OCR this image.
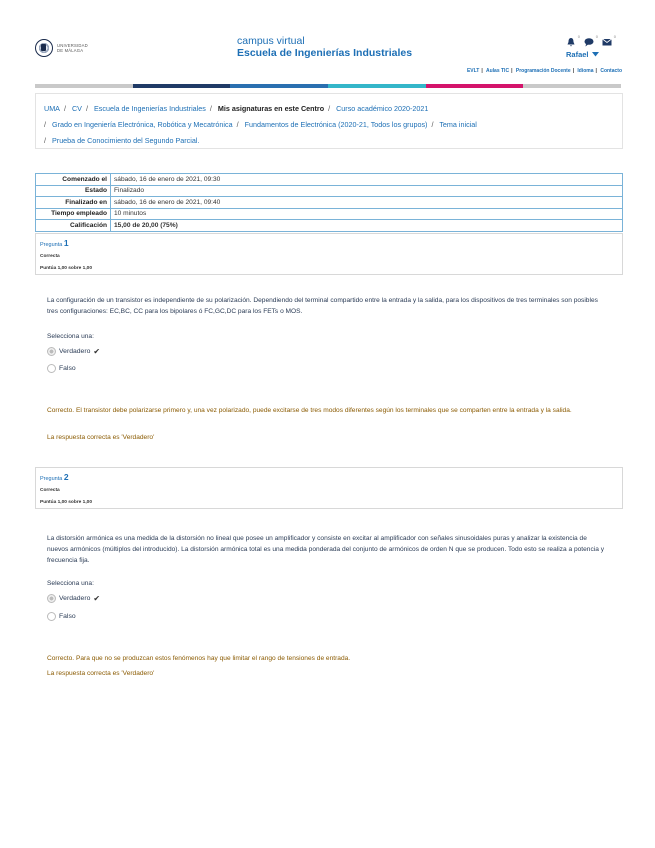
UNIVERSIDAD
DE MÁLAGA
campus virtual
Escuela de Ingenierías Industriales
0	0	0
Rafael
EVLT | Aulas TIC | Programación Docente | Idioma | Contacto
UMA / CV / Escuela de Ingenierías Industriales / Mis asignaturas en este Centro / Curso académico 2020-2021
/ Grado en Ingeniería Electrónica, Robótica y Mecatrónica / Fundamentos de Electrónica (2020-21, Todos los grupos) / Tema inicial
/ Prueba de Conocimiento del Segundo Parcial.
Comenzado el	sábado, 16 de enero de 2021, 09:30
Estado	Finalizado
Finalizado en	sábado, 16 de enero de 2021, 09:40
Tiempo empleado	10 minutos
Calificación	15,00 de 20,00 (75%)
Pregunta 1
Correcta
Puntúa 1,00 sobre 1,00
La configuración de un transistor es independiente de su polarización. Dependiendo del terminal compartido entre la entrada y la salida, para los dispositivos de tres terminales son posibles tres configuraciones: EC,BC, CC para los bipolares ó FC,GC,DC para los FETs o MOS.
Selecciona una:
Verdadero ✔
Falso
Correcto. El transistor debe polarizarse primero y, una vez polarizado, puede excitarse de tres modos diferentes según los terminales que se comparten entre la entrada y la salida.
La respuesta correcta es 'Verdadero'
Pregunta 2
Correcta
Puntúa 1,00 sobre 1,00
La distorsión armónica es una medida de la distorsión no lineal que posee un amplificador y consiste en excitar al amplificador con señales sinusoidales puras y analizar la existencia de nuevos armónicos (múltiplos del introducido). La distorsión armónica total es una medida ponderada del conjunto de armónicos de orden N que se producen. Todo esto se realiza a potencia y frecuencia fija.
Selecciona una:
Verdadero ✔
Falso
Correcto. Para que no se produzcan estos fenómenos hay que limitar el rango de tensiones de entrada.
La respuesta correcta es 'Verdadero'
